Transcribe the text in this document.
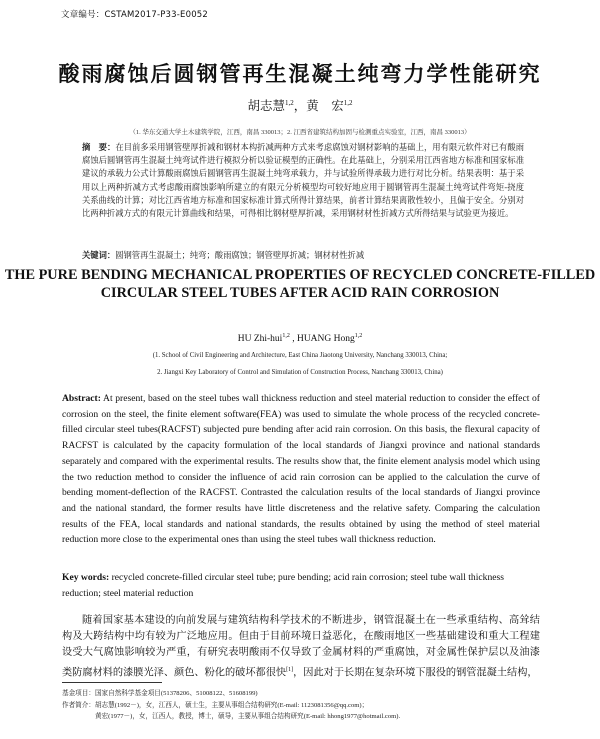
文章编号：CSTAM2017-P33-E0052
酸雨腐蚀后圆钢管再生混凝土纯弯力学性能研究
胡志慧$^{1,2}$，黄　宏$^{1,2}$
（1. 华东交通大学土木建筑学院，江西，南昌 330013；2. 江西省建筑结构加固与检测重点实验室，江西，南昌 330013）
摘　要：在目前多采用钢管壁厚折减和钢材本构折减两种方式来考虑腐蚀对钢材影响的基础上，用有限元软件对已有酸雨腐蚀后圆钢管再生混凝土纯弯试件进行模拟分析以验证模型的正确性。在此基础上，分别采用江西省地方标准和国家标准建议的承载力公式计算酸雨腐蚀后圆钢管再生混凝土纯弯承载力，并与试验所得承载力进行对比分析。结果表明：基于采用以上两种折减方式考虑酸雨腐蚀影响所建立的有限元分析模型均可较好地应用于圆钢管再生混凝土纯弯试件弯矩-挠度关系曲线的计算；对比江西省地方标准和国家标准计算式所得计算结果，前者计算结果离散性较小，且偏于安全。分别对比两种折减方式的有限元计算曲线和结果，可得相比钢材壁厚折减，采用钢材材性折减方式所得结果与试验更为接近。
关键词：圆钢管再生混凝土；纯弯；酸雨腐蚀；钢管壁厚折减；钢材材性折减
THE PURE BENDING MECHANICAL PROPERTIES OF RECYCLED CONCRETE-FILLED CIRCULAR STEEL TUBES AFTER ACID RAIN CORROSION
HU Zhi-hui$^{1,2}$ , HUANG Hong$^{1,2}$
(1. School of Civil Engineering and Architecture, East China Jiaotong University, Nanchang 330013, China;
2. Jiangxi Key Laboratory of Control and Simulation of Construction Process, Nanchang 330013, China)
Abstract: At present, based on the steel tubes wall thickness reduction and steel material reduction to consider the effect of corrosion on the steel, the finite element software(FEA) was used to simulate the whole process of the recycled concrete-filled circular steel tubes(RACFST) subjected pure bending after acid rain corrosion. On this basis, the flexural capacity of RACFST is calculated by the capacity formulation of the local standards of Jiangxi province and national standards separately and compared with the experimental results. The results show that, the finite element analysis model which using the two reduction method to consider the influence of acid rain corrosion can be applied to the calculation the curve of bending moment-deflection of the RACFST. Contrasted the calculation results of the local standards of Jiangxi province and the national standard, the former results have little discreteness and the relative safety. Comparing the calculation results of the FEA, local standards and national standards, the results obtained by using the method of steel material reduction more close to the experimental ones than using the steel tubes wall thickness reduction.
Key words: recycled concrete-filled circular steel tube; pure bending; acid rain corrosion; steel tube wall thickness reduction; steel material reduction
随着国家基本建设的向前发展与建筑结构科学技术的不断进步，钢管混凝土在一些承重结构、高耸结构及大跨结构中均有较为广泛地应用。但由于目前环境日益恶化，在酸雨地区一些基础建设和重大工程建设受大气腐蚀影响较为严重，有研究表明酸雨不仅导致了金属材料的严重腐蚀，对金属性保护层以及油漆类防腐材料的漆膜光泽、颜色、粉化的破坏都很快[1]，因此对于长期在复杂环境下服役的钢管混凝土结构，
基金项目：国家自然科学基金项目(51378206、51008122、51608199)
作者简介：胡志慧(1992－)，女，江西人，硕士生，主要从事组合结构研究(E-mail: 1123081356@qq.com)；
　　　　　黄宏(1977－)，女，江西人，教授，博士，硕导，主要从事组合结构研究(E-mail: hhong1977@hotmail.com).
